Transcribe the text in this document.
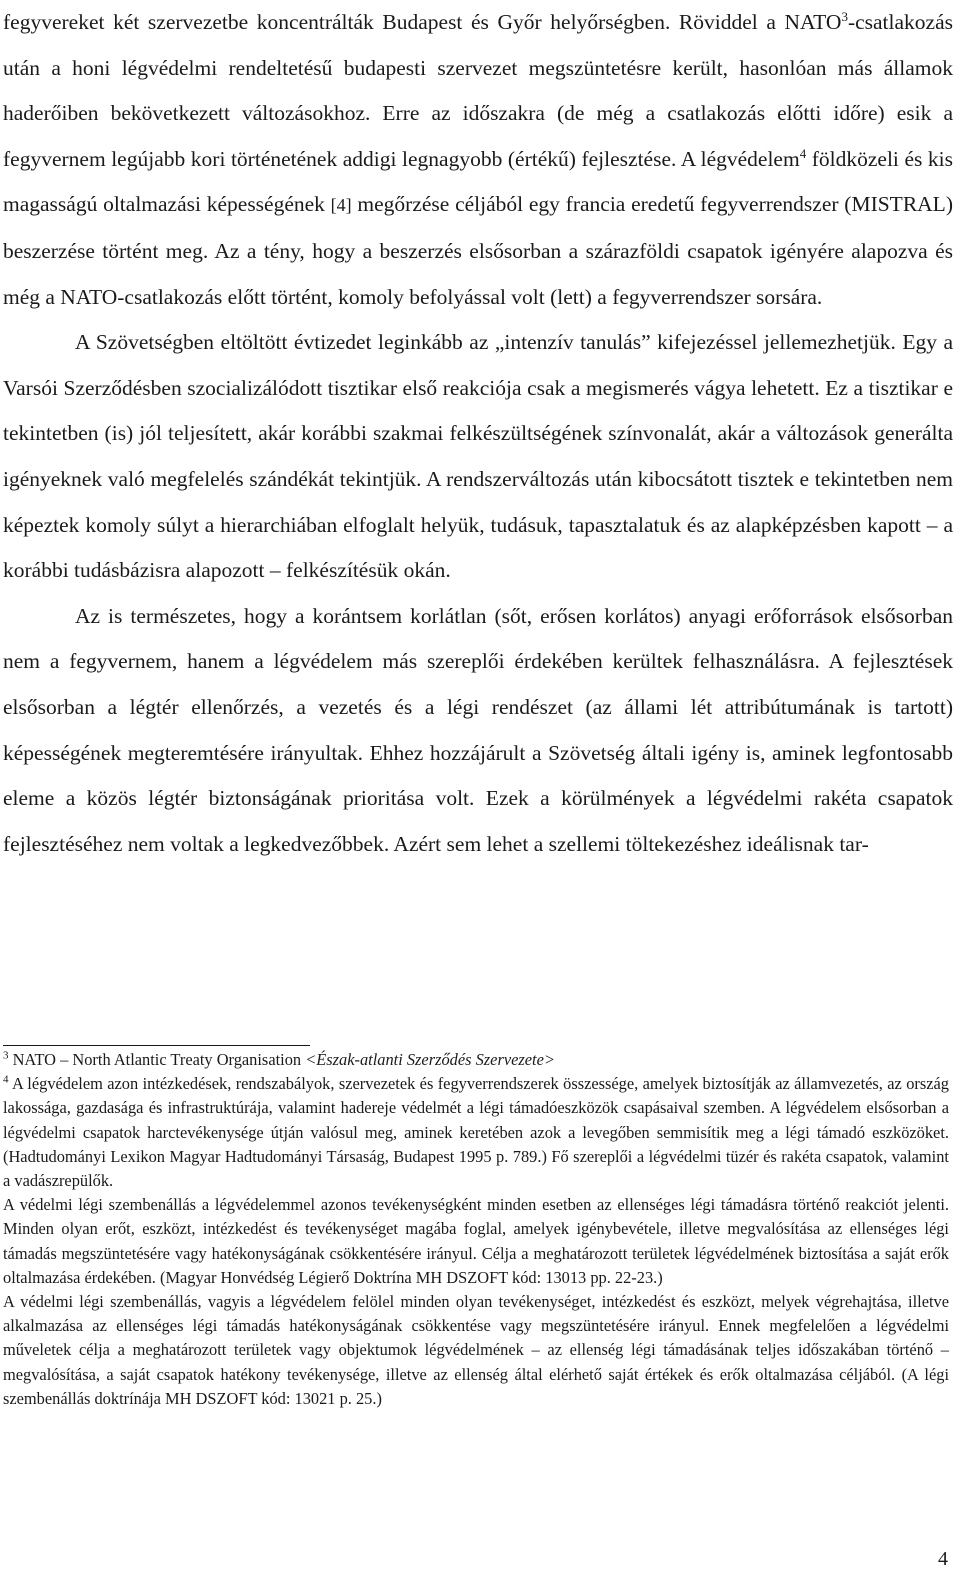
fegyvereket két szervezetbe koncentrálták Budapest és Győr helyőrségben. Röviddel a NATO$^3$-csatlakozás után a honi légvédelmi rendeltetésű budapesti szervezet megszüntetésre került, hasonlóan más államok haderőiben bekövetkezett változásokhoz. Erre az időszakra (de még a csatlakozás előtti időre) esik a fegyvernem legújabb kori történetének addigi legnagyobb (értékű) fejlesztése. A légvédelem$^4$ földközeli és kis magasságú oltalmazási képességének [4] megőrzése céljából egy francia eredetű fegyverrendszer (MISTRAL) beszerzése történt meg. Az a tény, hogy a beszerzés elsősorban a szárazföldi csapatok igényére alapozva és még a NATO-csatlakozás előtt történt, komoly befolyással volt (lett) a fegyverrendszer sorsára.

A Szövetségben eltöltött évtizedet leginkább az „intenzív tanulás” kifejezéssel jellemezhetjük. Egy a Varsói Szerződésben szocializálódott tisztikar első reakciója csak a megismerés vágya lehetett. Ez a tisztikar e tekintetben (is) jól teljesített, akár korábbi szakmai felkészültségének színvonalát, akár a változások generálta igényeknek való megfelelés szándékát tekintjük. A rendszerváltozás után kibocsátott tisztek e tekintetben nem képeztek komoly súlyt a hierarchiában elfoglalt helyük, tudásuk, tapasztalatuk és az alapképzésben kapott – a korábbi tudásbázisra alapozott – felkészítésük okán.

Az is természetes, hogy a korántsem korlátlan (sőt, erősen korlátos) anyagi erőforrások elsősorban nem a fegyvernem, hanem a légvédelem más szereplői érdekében kerültek felhasználásra. A fejlesztések elsősorban a légtér ellenőrzés, a vezetés és a légi rendészet (az állami lét attribútumának is tartott) képességének megteremtésére irányultak. Ehhez hozzájárult a Szövetség általi igény is, aminek legfontosabb eleme a közös légtér biztonságának prioritása volt. Ezek a körülmények a légvédelmi rakéta csapatok fejlesztéséhez nem voltak a legkedvezőbbek. Azért sem lehet a szellemi töltekezéshez ideálisnak tar-

$^3$ NATO – North Atlantic Treaty Organisation <Észak-atlanti Szerződés Szervezete>

$^4$ A légvédelem azon intézkedések, rendszabályok, szervezetek és fegyverrendszerek összessége, amelyek biztosítják az államvezetés, az ország lakossága, gazdasága és infrastruktúrája, valamint hadereje védelmét a légi támadóeszközök csapásaival szemben. A légvédelem elsősorban a légvédelmi csapatok harctevékenysége útján valósul meg, aminek keretében azok a levegőben semmisítik meg a légi támadó eszközöket. (Hadtudományi Lexikon Magyar Hadtudományi Társaság, Budapest 1995 p. 789.) Fő szereplői a légvédelmi tüzér és rakéta csapatok, valamint a vadászrepülők.

A védelmi légi szembenállás a légvédelemmel azonos tevékenységként minden esetben az ellenséges légi támadásra történő reakciót jelenti. Minden olyan erőt, eszközt, intézkedést és tevékenységet magába foglal, amelyek igénybevétele, illetve megvalósítása az ellenséges légi támadás megszüntetésére vagy hatékonyságának csökkentésére irányul. Célja a meghatározott területek légvédelmének biztosítása a saját erők oltalmazása érdekében. (Magyar Honvédség Légierő Doktrína MH DSZOFT kód: 13013 pp. 22-23.)

A védelmi légi szembenállás, vagyis a légvédelem felölel minden olyan tevékenységet, intézkedést és eszközt, melyek végrehajtása, illetve alkalmazása az ellenséges légi támadás hatékonyságának csökkentése vagy megszüntetésére irányul. Ennek megfelelően a légvédelmi műveletek célja a meghatározott területek vagy objektumok légvédelmének – az ellenség légi támadásának teljes időszakában történő – megvalósítása, a saját csapatok hatékony tevékenysége, illetve az ellenség által elérhető saját értékek és erők oltalmazása céljából. (A légi szembenállás doktrínája MH DSZOFT kód: 13021 p. 25.)

4
